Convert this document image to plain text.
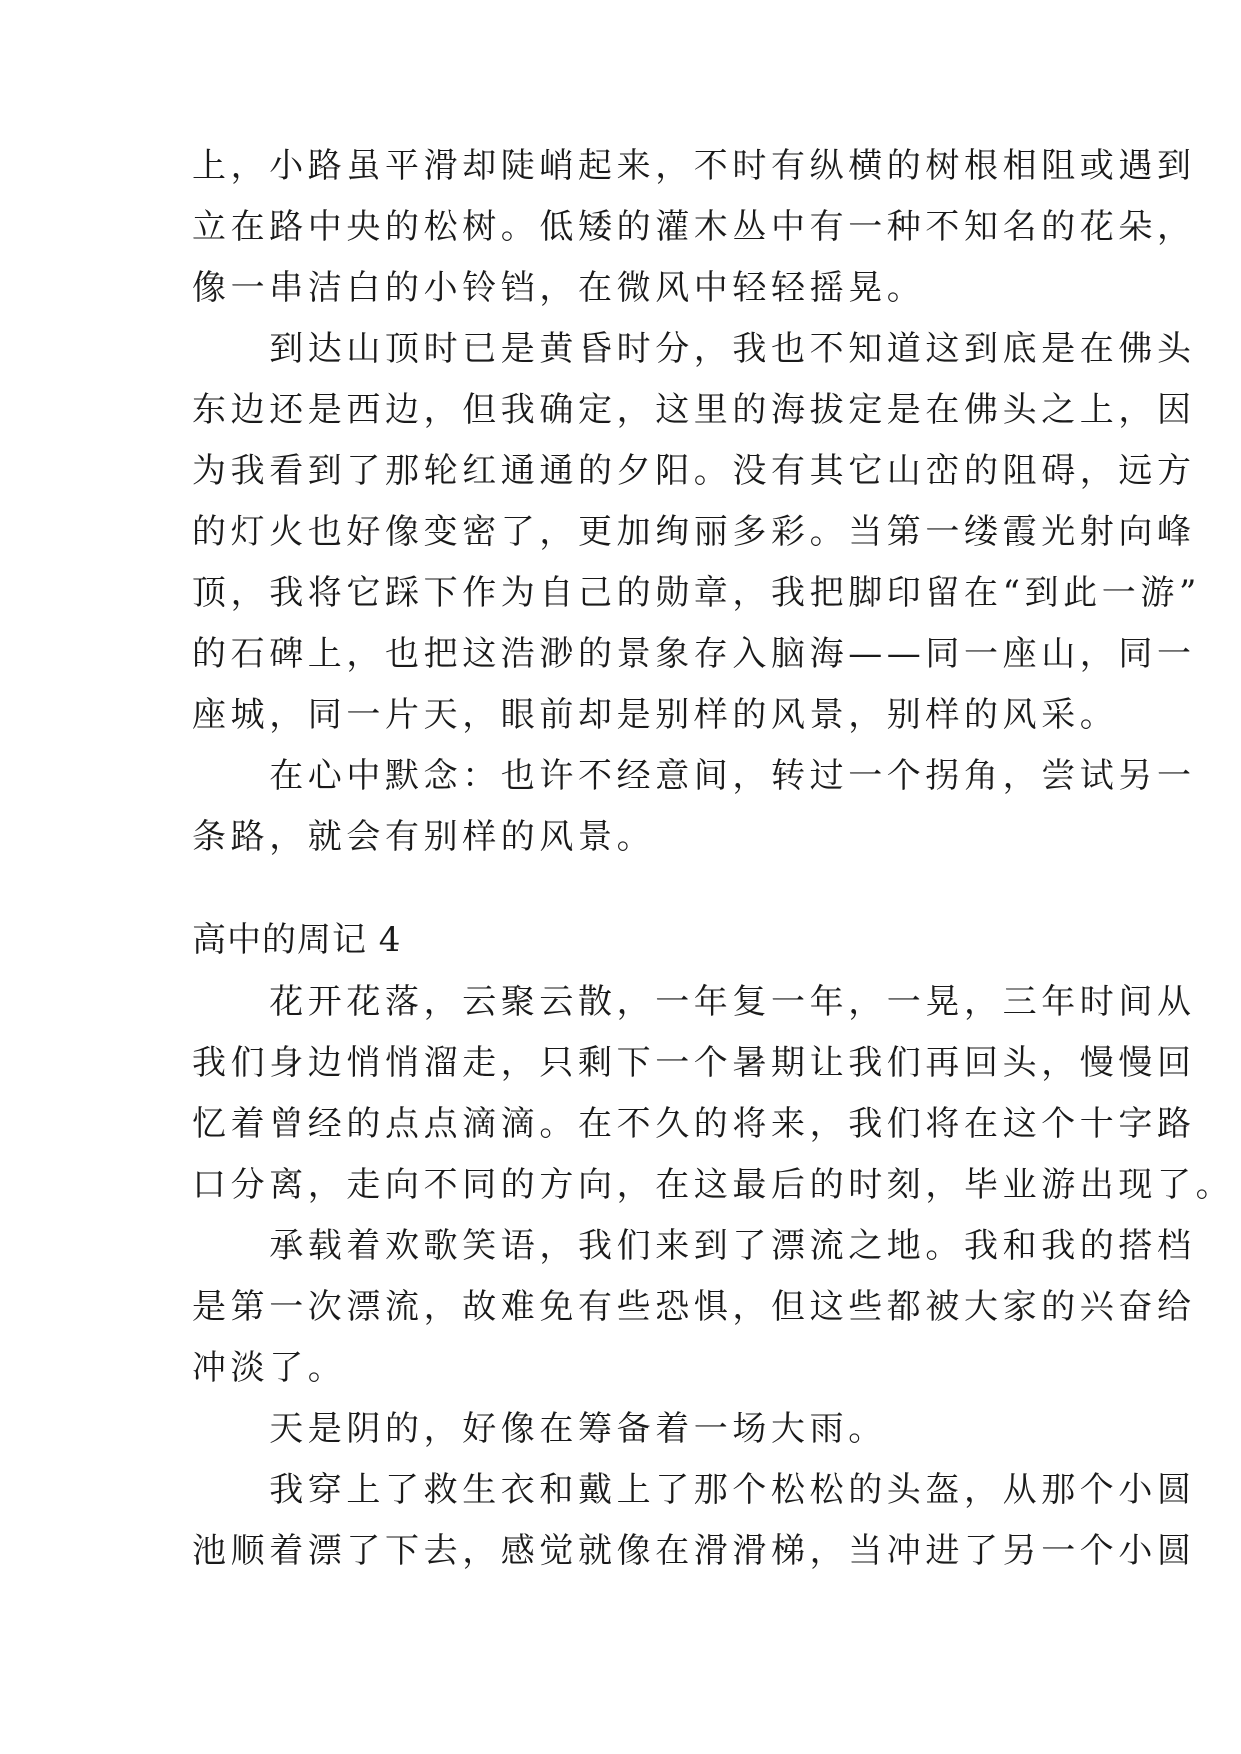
上，小路虽平滑却陡峭起来，不时有纵横的树根相阻或遇到
立在路中央的松树。低矮的灌木丛中有一种不知名的花朵，
像一串洁白的小铃铛，在微风中轻轻摇晃。
　　到达山顶时已是黄昏时分，我也不知道这到底是在佛头
东边还是西边，但我确定，这里的海拔定是在佛头之上，因
为我看到了那轮红通通的夕阳。没有其它山峦的阻碍，远方
的灯火也好像变密了，更加绚丽多彩。当第一缕霞光射向峰
顶，我将它踩下作为自己的勋章，我把脚印留在“到此一游”
的石碑上，也把这浩渺的景象存入脑海——同一座山，同一
座城，同一片天，眼前却是别样的风景，别样的风采。
　　在心中默念：也许不经意间，转过一个拐角，尝试另一
条路，就会有别样的风景。
高中的周记 4
　　花开花落，云聚云散，一年复一年，一晃，三年时间从
我们身边悄悄溜走，只剩下一个暑期让我们再回头，慢慢回
忆着曾经的点点滴滴。在不久的将来，我们将在这个十字路
口分离，走向不同的方向，在这最后的时刻，毕业游出现了。
　　承载着欢歌笑语，我们来到了漂流之地。我和我的搭档
是第一次漂流，故难免有些恐惧，但这些都被大家的兴奋给
冲淡了。
　　天是阴的，好像在筹备着一场大雨。
　　我穿上了救生衣和戴上了那个松松的头盔，从那个小圆
池顺着漂了下去，感觉就像在滑滑梯，当冲进了另一个小圆
